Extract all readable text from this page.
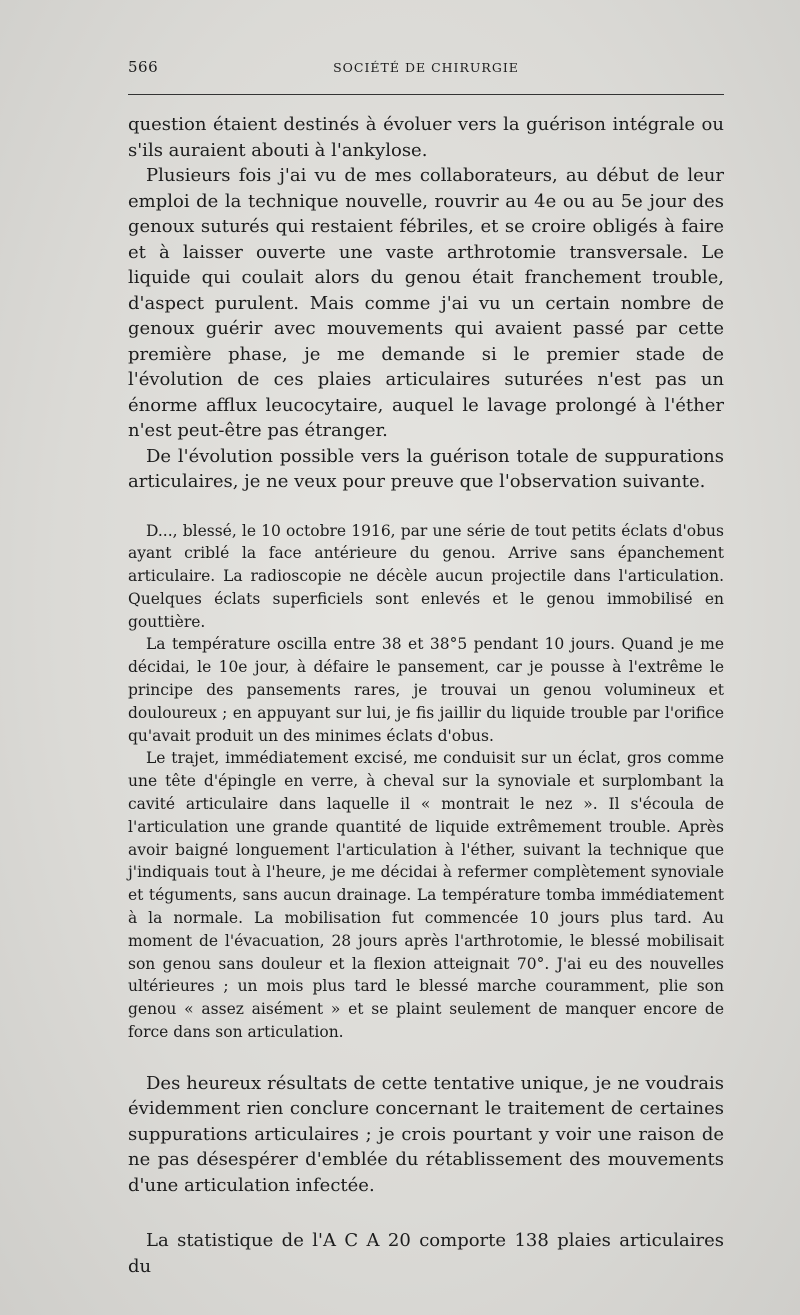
566	SOCIÉTÉ DE CHIRURGIE

question étaient destinés à évoluer vers la guérison intégrale ou s'ils auraient abouti à l'ankylose.

Plusieurs fois j'ai vu de mes collaborateurs, au début de leur emploi de la technique nouvelle, rouvrir au 4e ou au 5e jour des genoux suturés qui restaient fébriles, et se croire obligés à faire et à laisser ouverte une vaste arthrotomie transversale. Le liquide qui coulait alors du genou était franchement trouble, d'aspect purulent. Mais comme j'ai vu un certain nombre de genoux guérir avec mouvements qui avaient passé par cette première phase, je me demande si le premier stade de l'évolution de ces plaies articulaires suturées n'est pas un énorme afflux leucocytaire, auquel le lavage prolongé à l'éther n'est peut-être pas étranger.

De l'évolution possible vers la guérison totale de suppurations articulaires, je ne veux pour preuve que l'observation suivante.

D..., blessé, le 10 octobre 1916, par une série de tout petits éclats d'obus ayant criblé la face antérieure du genou. Arrive sans épanchement articulaire. La radioscopie ne décèle aucun projectile dans l'articulation. Quelques éclats superficiels sont enlevés et le genou immobilisé en gouttière.

La température oscilla entre 38 et 38°5 pendant 10 jours. Quand je me décidai, le 10e jour, à défaire le pansement, car je pousse à l'extrême le principe des pansements rares, je trouvai un genou volumineux et douloureux ; en appuyant sur lui, je fis jaillir du liquide trouble par l'orifice qu'avait produit un des minimes éclats d'obus.

Le trajet, immédiatement excisé, me conduisit sur un éclat, gros comme une tête d'épingle en verre, à cheval sur la synoviale et surplombant la cavité articulaire dans laquelle il « montrait le nez ». Il s'écoula de l'articulation une grande quantité de liquide extrêmement trouble. Après avoir baigné longuement l'articulation à l'éther, suivant la technique que j'indiquais tout à l'heure, je me décidai à refermer complètement synoviale et téguments, sans aucun drainage. La température tomba immédiatement à la normale. La mobilisation fut commencée 10 jours plus tard. Au moment de l'évacuation, 28 jours après l'arthrotomie, le blessé mobilisait son genou sans douleur et la flexion atteignait 70°. J'ai eu des nouvelles ultérieures ; un mois plus tard le blessé marche couramment, plie son genou « assez aisément » et se plaint seulement de manquer encore de force dans son articulation.

Des heureux résultats de cette tentative unique, je ne voudrais évidemment rien conclure concernant le traitement de certaines suppurations articulaires ; je crois pourtant y voir une raison de ne pas désespérer d'emblée du rétablissement des mouvements d'une articulation infectée.

La statistique de l'A C A 20 comporte 138 plaies articulaires du
